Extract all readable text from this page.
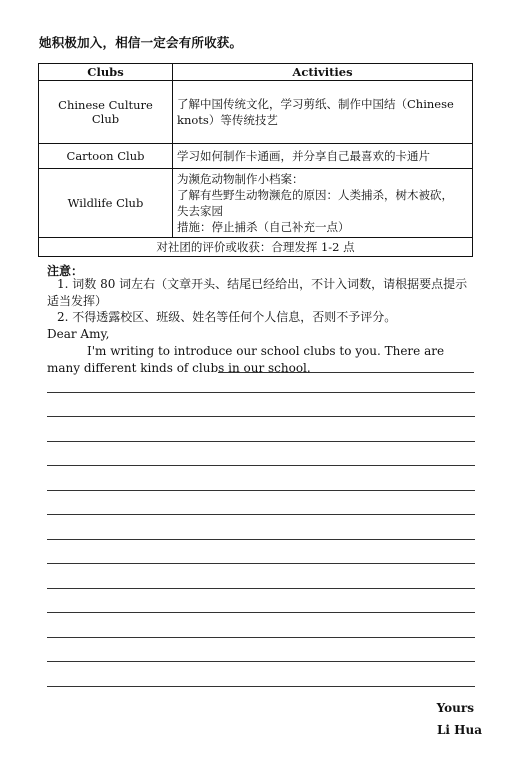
她积极加入，相信一定会有所收获。
Clubs	Activities
Chinese Culture Club	了解中国传统文化，学习剪纸、制作中国结（Chinese
knots）等传统技艺

Cartoon Club	学习如何制作卡通画，并分享自己最喜欢的卡通片

Wildlife Club	为濒危动物制作小档案：
了解有些野生动物濒危的原因：人类捕杀，树木被砍，
失去家园
措施：停止捕杀（自己补充一点）

对社团的评价或收获：合理发挥 1-2 点	
注意：
1. 词数 80 词左右（文章开头、结尾已经给出，不计入词数，请根据要点提示适当发挥）
2. 不得透露校区、班级、姓名等任何个人信息，否则不予评分。
Dear Amy,
I'm writing to introduce our school clubs to you. There are many different kinds of clubs in our school.
Yours
Li Hua
